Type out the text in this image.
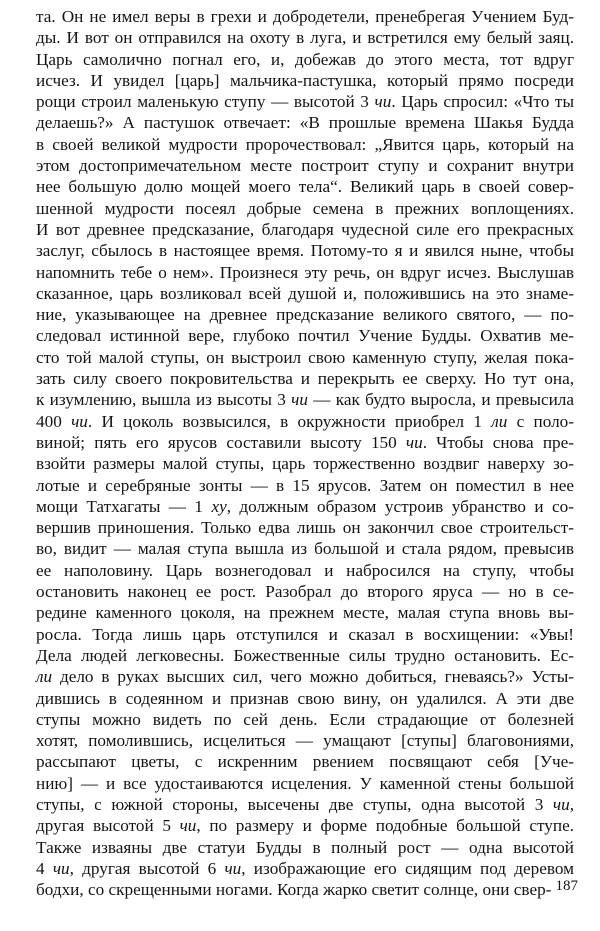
та. Он не имел веры в грехи и добродетели, пренебрегая Учением Буд-
ды. И вот он отправился на охоту в луга, и встретился ему белый заяц.
Царь самолично погнал его, и, добежав до этого места, тот вдруг
исчез. И увидел [царь] мальчика-пастушка, который прямо посреди
рощи строил маленькую ступу — высотой 3 чи. Царь спросил: «Что ты
делаешь?» А пастушок отвечает: «В прошлые времена Шакья Будда
в своей великой мудрости пророчествовал: „Явится царь, который на
этом достопримечательном месте построит ступу и сохранит внутри
нее большую долю мощей моего тела“. Великий царь в своей совер-
шенной мудрости посеял добрые семена в прежних воплощениях.
И вот древнее предсказание, благодаря чудесной силе его прекрасных
заслуг, сбылось в настоящее время. Потому-то я и явился ныне, чтобы
напомнить тебе о нем». Произнеся эту речь, он вдруг исчез. Выслушав
сказанное, царь возликовал всей душой и, положившись на это знаме-
ние, указывающее на древнее предсказание великого святого, — по-
следовал истинной вере, глубоко почтил Учение Будды. Охватив ме-
сто той малой ступы, он выстроил свою каменную ступу, желая пока-
зать силу своего покровительства и перекрыть ее сверху. Но тут она,
к изумлению, вышла из высоты 3 чи — как будто выросла, и превысила
400 чи. И цоколь возвысился, в окружности приобрел 1 ли с поло-
виной; пять его ярусов составили высоту 150 чи. Чтобы снова пре-
взойти размеры малой ступы, царь торжественно воздвиг наверху зо-
лотые и серебряные зонты — в 15 ярусов. Затем он поместил в нее
мощи Татхагаты — 1 ху, должным образом устроив убранство и со-
вершив приношения. Только едва лишь он закончил свое строительст-
во, видит — малая ступа вышла из большой и стала рядом, превысив
ее наполовину. Царь вознегодовал и набросился на ступу, чтобы
остановить наконец ее рост. Разобрал до второго яруса — но в се-
редине каменного цоколя, на прежнем месте, малая ступа вновь вы-
росла. Тогда лишь царь отступился и сказал в восхищении: «Увы!
Дела людей легковесны. Божественные силы трудно остановить. Ес-
ли дело в руках высших сил, чего можно добиться, гневаясь?» Усты-
дившись в содеянном и признав свою вину, он удалился. А эти две
ступы можно видеть по сей день. Если страдающие от болезней
хотят, помолившись, исцелиться — умащают [ступы] благовониями,
рассыпают цветы, с искренним рвением посвящают себя [Уче-
нию] — и все удостаиваются исцеления. У каменной стены большой
ступы, с южной стороны, высечены две ступы, одна высотой 3 чи,
другая высотой 5 чи, по размеру и форме подобные большой ступе.
Также изваяны две статуи Будды в полный рост — одна высотой
4 чи, другая высотой 6 чи, изображающие его сидящим под деревом
бодхи, со скрещенными ногами. Когда жарко светит солнце, они свер- 187
